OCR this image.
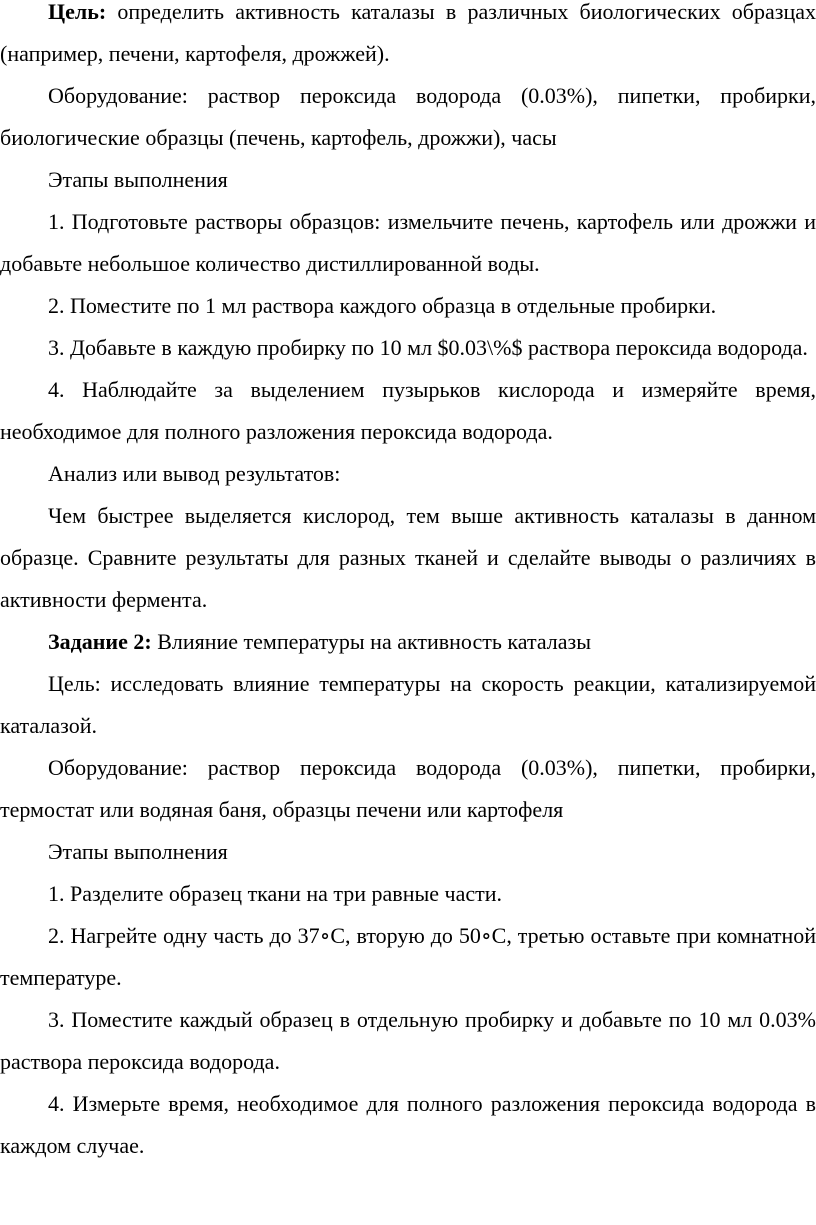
Цель: определить активность каталазы в различных биологических образцах (например, печени, картофеля, дрожжей).

Оборудование: раствор пероксида водорода (0.03%), пипетки, пробирки, биологические образцы (печень, картофель, дрожжи), часы

Этапы выполнения

1. Подготовьте растворы образцов: измельчите печень, картофель или дрожжи и добавьте небольшое количество дистиллированной воды.

2. Поместите по 1 мл раствора каждого образца в отдельные пробирки.

3. Добавьте в каждую пробирку по 10 мл $0.03\%$ раствора пероксида водорода.

4. Наблюдайте за выделением пузырьков кислорода и измеряйте время, необходимое для полного разложения пероксида водорода.

Анализ или вывод результатов:

Чем быстрее выделяется кислород, тем выше активность каталазы в данном образце. Сравните результаты для разных тканей и сделайте выводы о различиях в активности фермента.

Задание 2: Влияние температуры на активность каталазы

Цель: исследовать влияние температуры на скорость реакции, катализируемой каталазой.

Оборудование: раствор пероксида водорода (0.03%), пипетки, пробирки, термостат или водяная баня, образцы печени или картофеля

Этапы выполнения

1. Разделите образец ткани на три равные части.

2. Нагрейте одну часть до 37∘С, вторую до 50∘С, третью оставьте при комнатной температуре.

3. Поместите каждый образец в отдельную пробирку и добавьте по 10 мл 0.03% раствора пероксида водорода.

4. Измерьте время, необходимое для полного разложения пероксида водорода в каждом случае.
